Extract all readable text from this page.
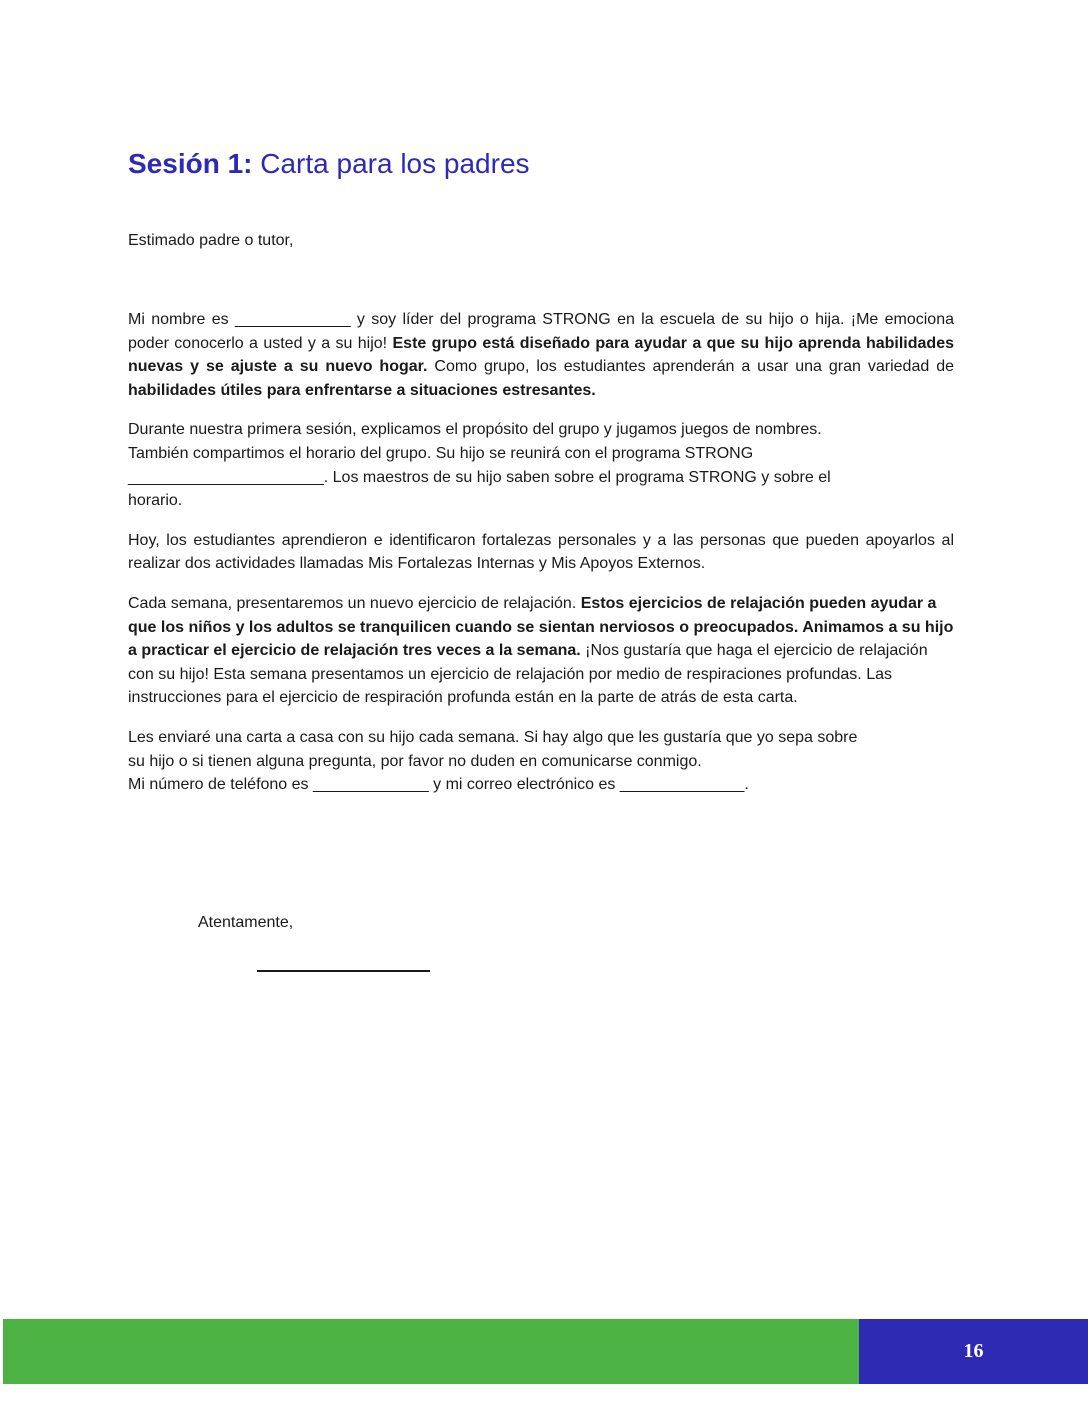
Sesión 1: Carta para los padres

Estimado padre o tutor,

Mi nombre es _____________ y soy líder del programa STRONG en la escuela de su hijo o hija. ¡Me emociona poder conocerlo a usted y a su hijo! Este grupo está diseñado para ayudar a que su hijo aprenda habilidades nuevas y se ajuste a su nuevo hogar. Como grupo, los estudiantes aprenderán a usar una gran variedad de habilidades útiles para enfrentarse a situaciones estresantes.

Durante nuestra primera sesión, explicamos el propósito del grupo y jugamos juegos de nombres.
También compartimos el horario del grupo. Su hijo se reunirá con el programa STRONG
______________________. Los maestros de su hijo saben sobre el programa STRONG y sobre el
horario.

Hoy, los estudiantes aprendieron e identificaron fortalezas personales y a las personas que pueden apoyarlos al realizar dos actividades llamadas Mis Fortalezas Internas y Mis Apoyos Externos.

Cada semana, presentaremos un nuevo ejercicio de relajación. Estos ejercicios de relajación pueden ayudar a que los niños y los adultos se tranquilicen cuando se sientan nerviosos o preocupados. Animamos a su hijo a practicar el ejercicio de relajación tres veces a la semana. ¡Nos gustaría que haga el ejercicio de relajación con su hijo! Esta semana presentamos un ejercicio de relajación por medio de respiraciones profundas. Las instrucciones para el ejercicio de respiración profunda están en la parte de atrás de esta carta.

Les enviaré una carta a casa con su hijo cada semana. Si hay algo que les gustaría que yo sepa sobre
su hijo o si tienen alguna pregunta, por favor no duden en comunicarse conmigo.
Mi número de teléfono es _____________ y mi correo electrónico es ______________.

Atentamente,

16
